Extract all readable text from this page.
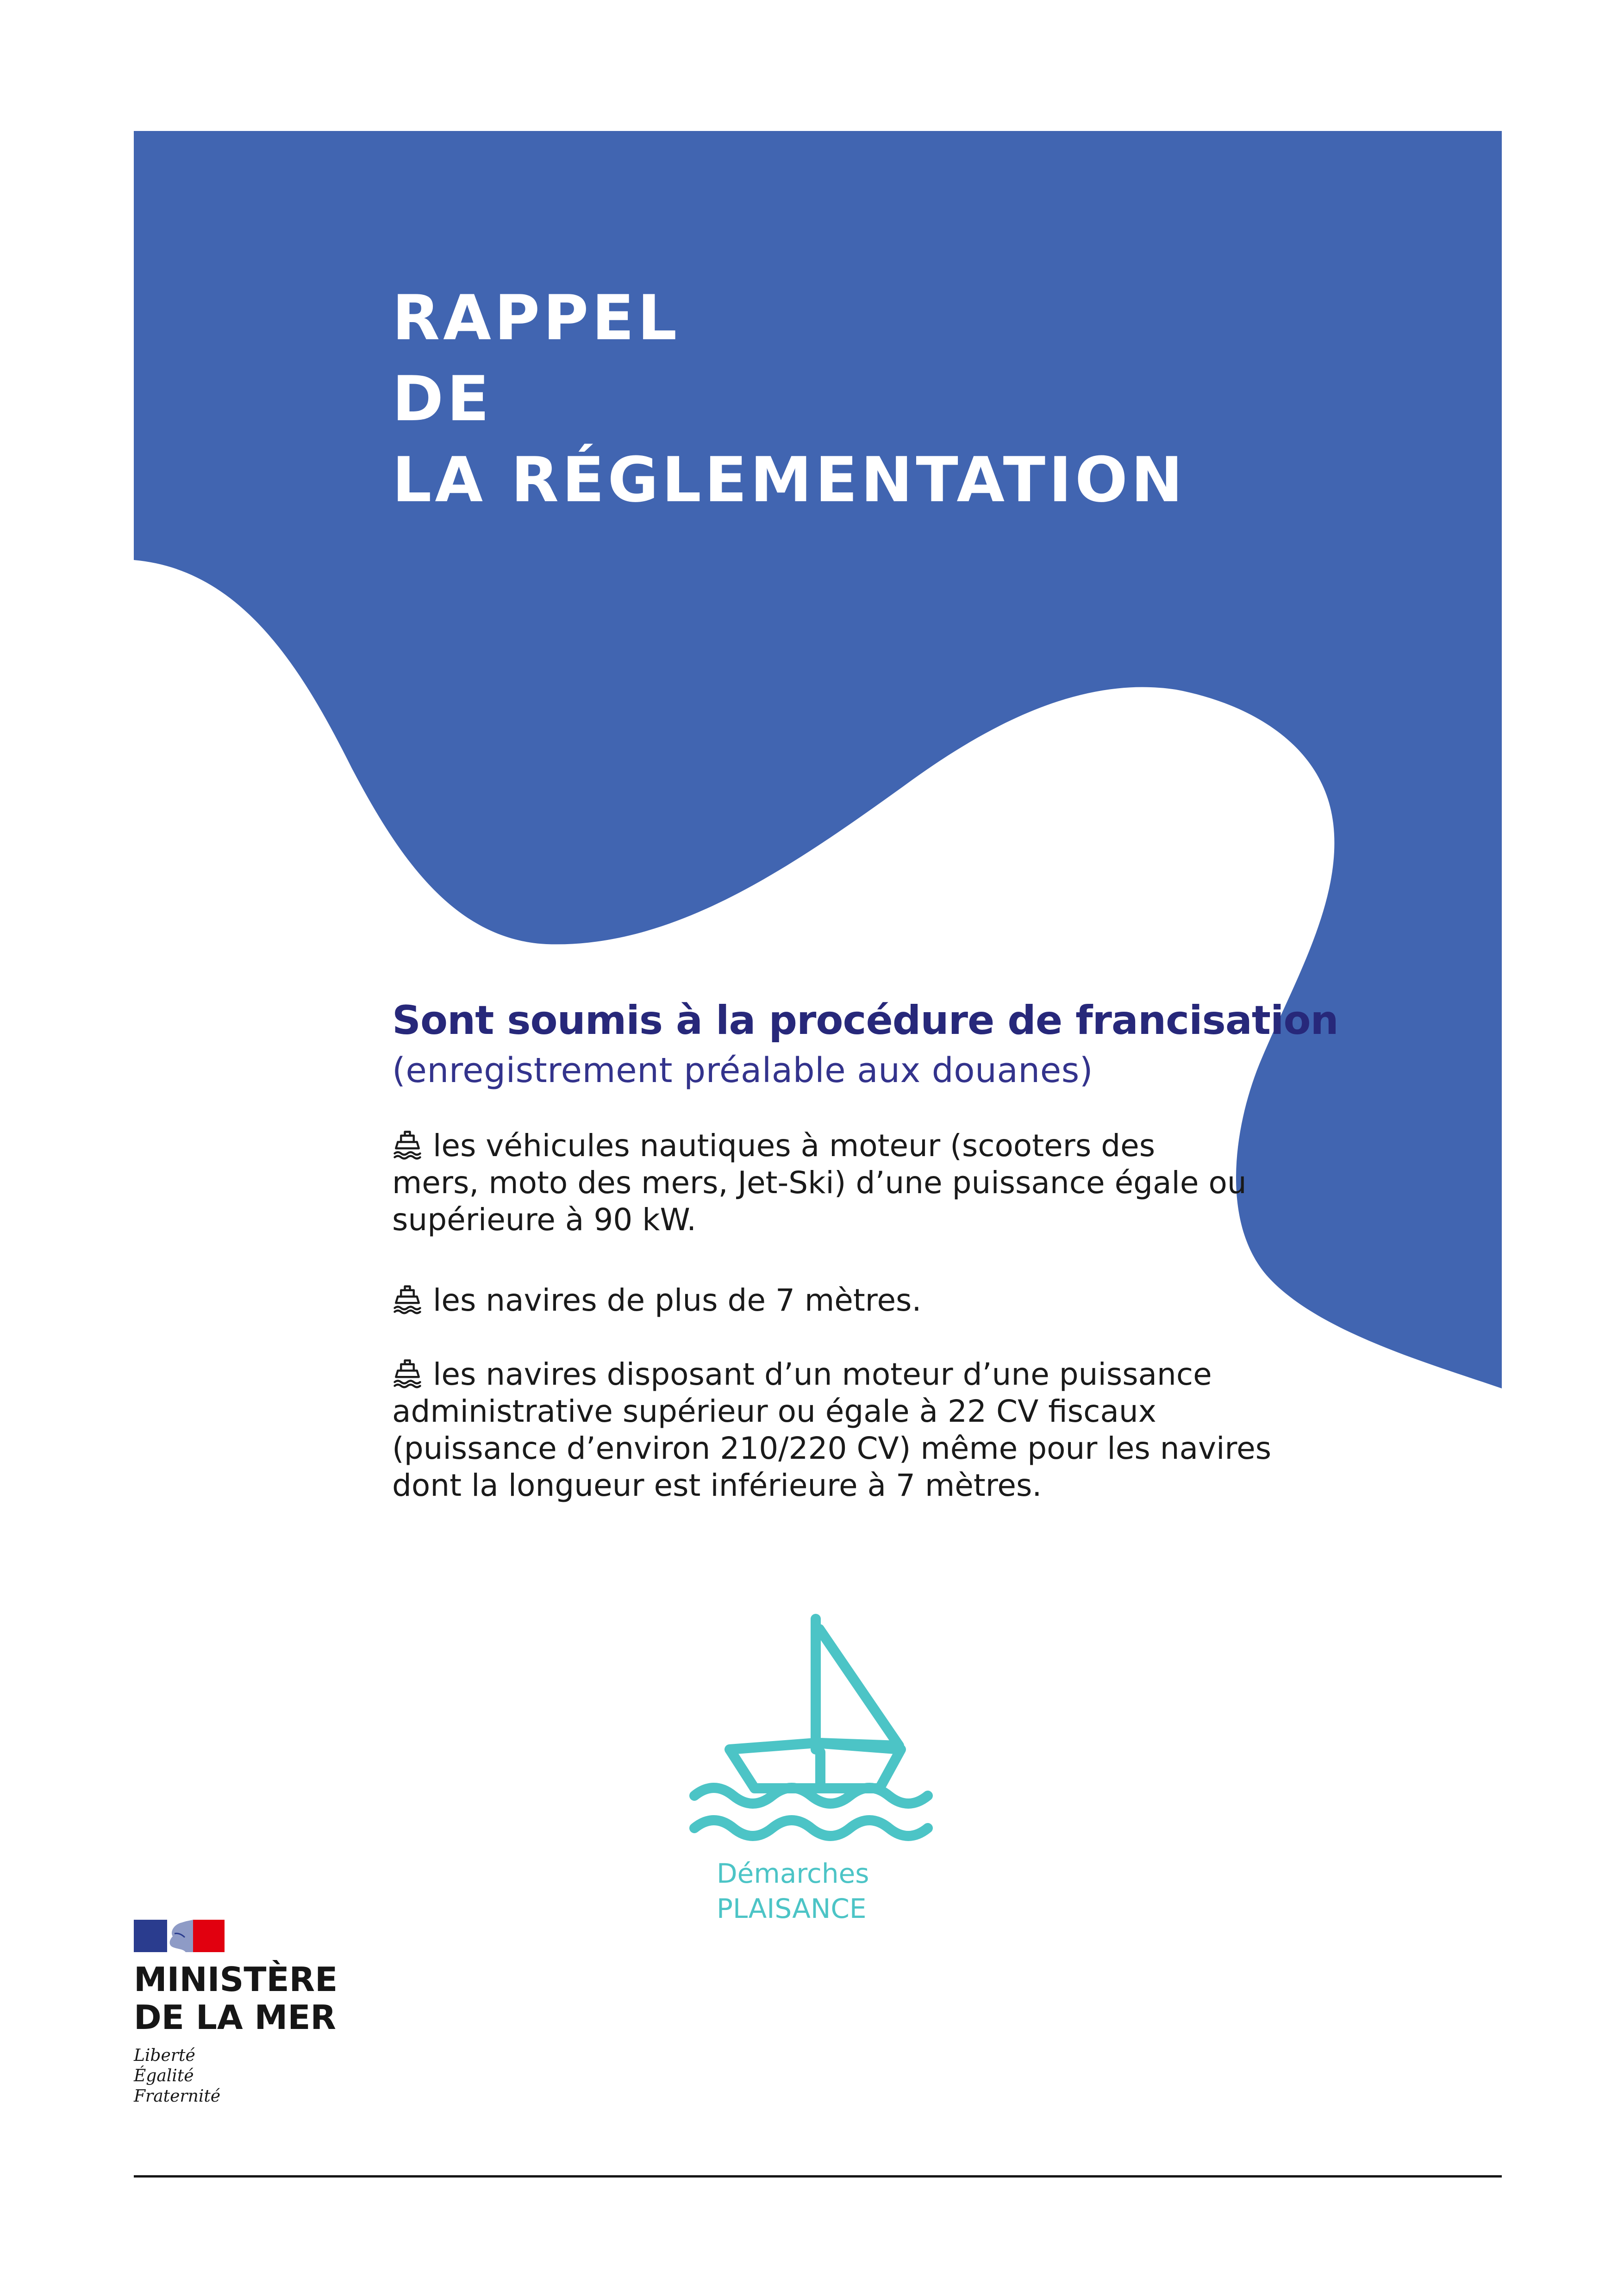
RAPPEL
DE
LA RÉGLEMENTATION
Sont soumis à la procédure de francisation

(enregistrement préalable aux douanes)

les véhicules nautiques à moteur (scooters des
mers, moto des mers, Jet-Ski) d’une puissance égale ou
supérieure à 90 kW.

les navires de plus de 7 mètres.

les navires disposant d’un moteur d’une puissance
administrative supérieur ou égale à 22 CV fiscaux
(puissance d’environ 210/220 CV) même pour les navires
dont la longueur est inférieure à 7 mètres.

Démarches
PLAISANCE

MINISTÈRE
DE LA MER

Liberté
Égalité
Fraternité
